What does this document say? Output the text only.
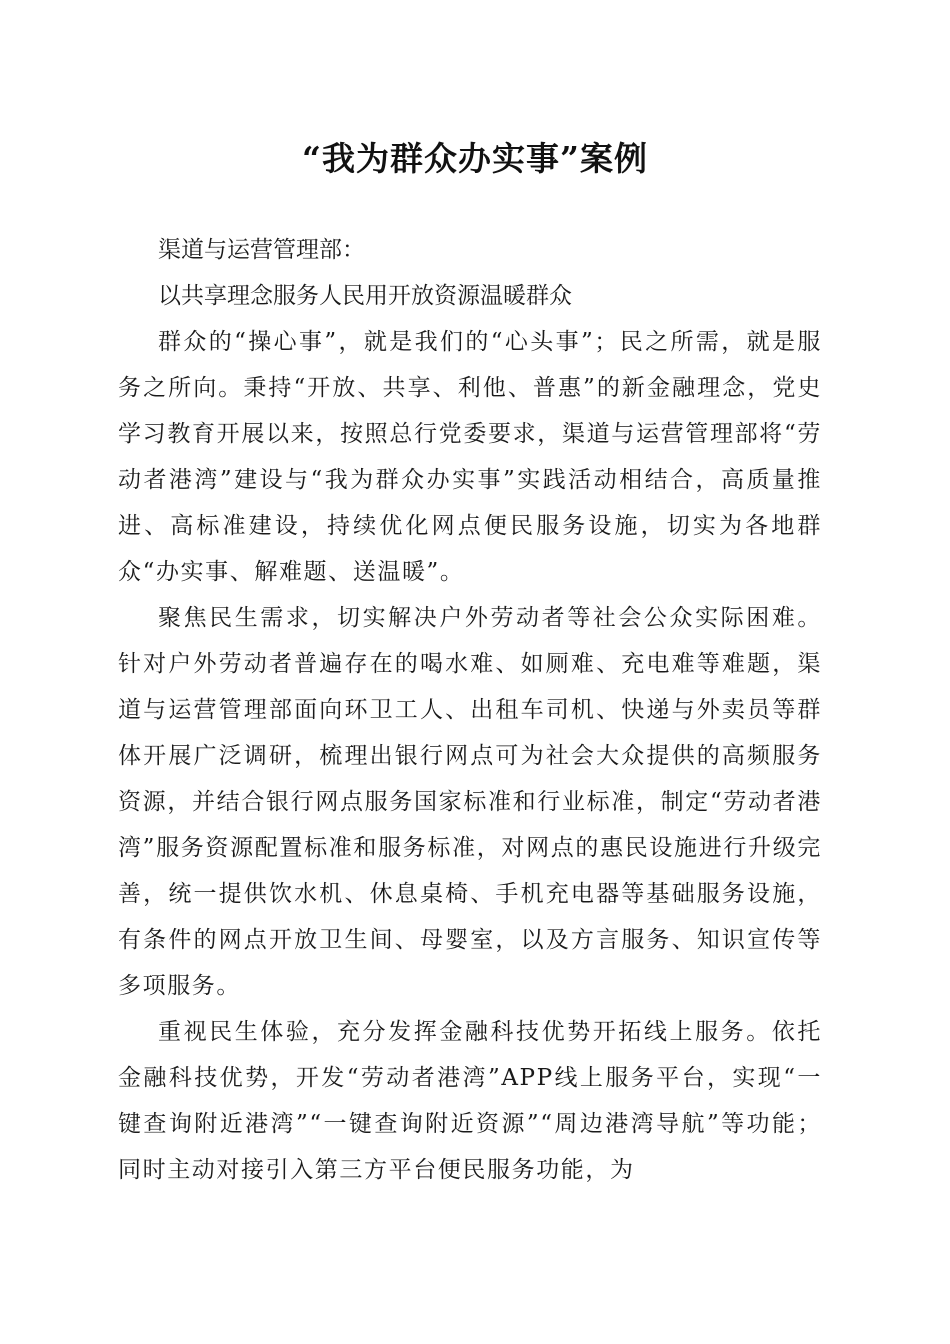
“我为群众办实事”案例

渠道与运营管理部：

以共享理念服务人民用开放资源温暖群众

群众的“操心事”，就是我们的“心头事”；民之所需，就是服务之所向。秉持“开放、共享、利他、普惠”的新金融理念，党史学习教育开展以来，按照总行党委要求，渠道与运营管理部将“劳动者港湾”建设与“我为群众办实事”实践活动相结合，高质量推进、高标准建设，持续优化网点便民服务设施，切实为各地群众“办实事、解难题、送温暖”。

聚焦民生需求，切实解决户外劳动者等社会公众实际困难。针对户外劳动者普遍存在的喝水难、如厕难、充电难等难题，渠道与运营管理部面向环卫工人、出租车司机、快递与外卖员等群体开展广泛调研，梳理出银行网点可为社会大众提供的高频服务资源，并结合银行网点服务国家标准和行业标准，制定“劳动者港湾”服务资源配置标准和服务标准，对网点的惠民设施进行升级完善，统一提供饮水机、休息桌椅、手机充电器等基础服务设施，有条件的网点开放卫生间、母婴室，以及方言服务、知识宣传等多项服务。

重视民生体验，充分发挥金融科技优势开拓线上服务。依托金融科技优势，开发“劳动者港湾”APP线上服务平台，实现“一键查询附近港湾”“一键查询附近资源”“周边港湾导航”等功能；同时主动对接引入第三方平台便民服务功能，为
